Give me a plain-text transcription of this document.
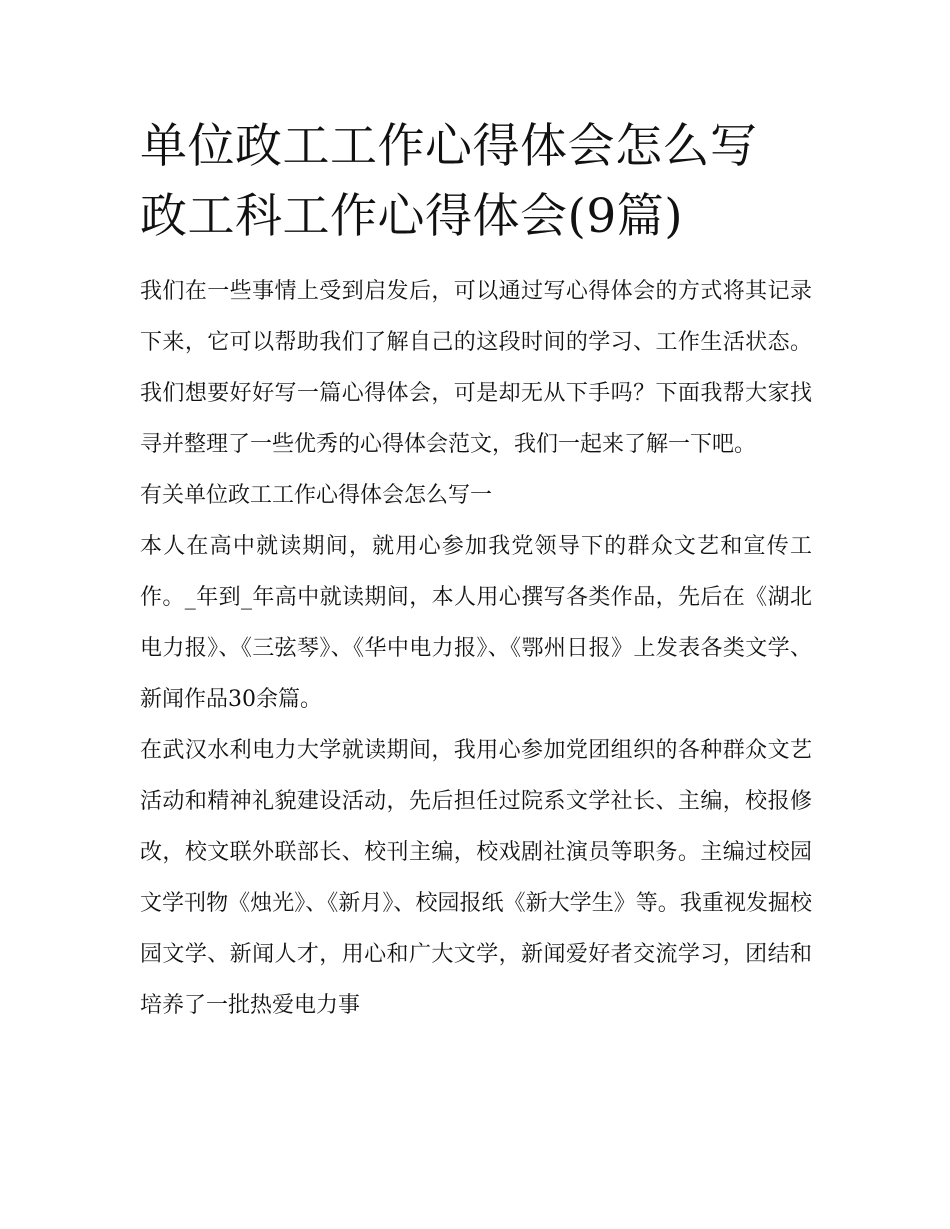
单位政工工作心得体会怎么写
政工科工作心得体会(9篇)

我们在一些事情上受到启发后，可以通过写心得体会的方式将其记录下来，它可以帮助我们了解自己的这段时间的学习、工作生活状态。我们想要好好写一篇心得体会，可是却无从下手吗？下面我帮大家找寻并整理了一些优秀的心得体会范文，我们一起来了解一下吧。

有关单位政工工作心得体会怎么写一

本人在高中就读期间，就用心参加我党领导下的群众文艺和宣传工作。_年到_年高中就读期间，本人用心撰写各类作品，先后在《湖北电力报》、《三弦琴》、《华中电力报》、《鄂州日报》上发表各类文学、新闻作品30余篇。

在武汉水利电力大学就读期间，我用心参加党团组织的各种群众文艺活动和精神礼貌建设活动，先后担任过院系文学社长、主编，校报修改，校文联外联部长、校刊主编，校戏剧社演员等职务。主编过校园文学刊物《烛光》、《新月》、校园报纸《新大学生》等。我重视发掘校园文学、新闻人才，用心和广大文学，新闻爱好者交流学习，团结和培养了一批热爱电力事
